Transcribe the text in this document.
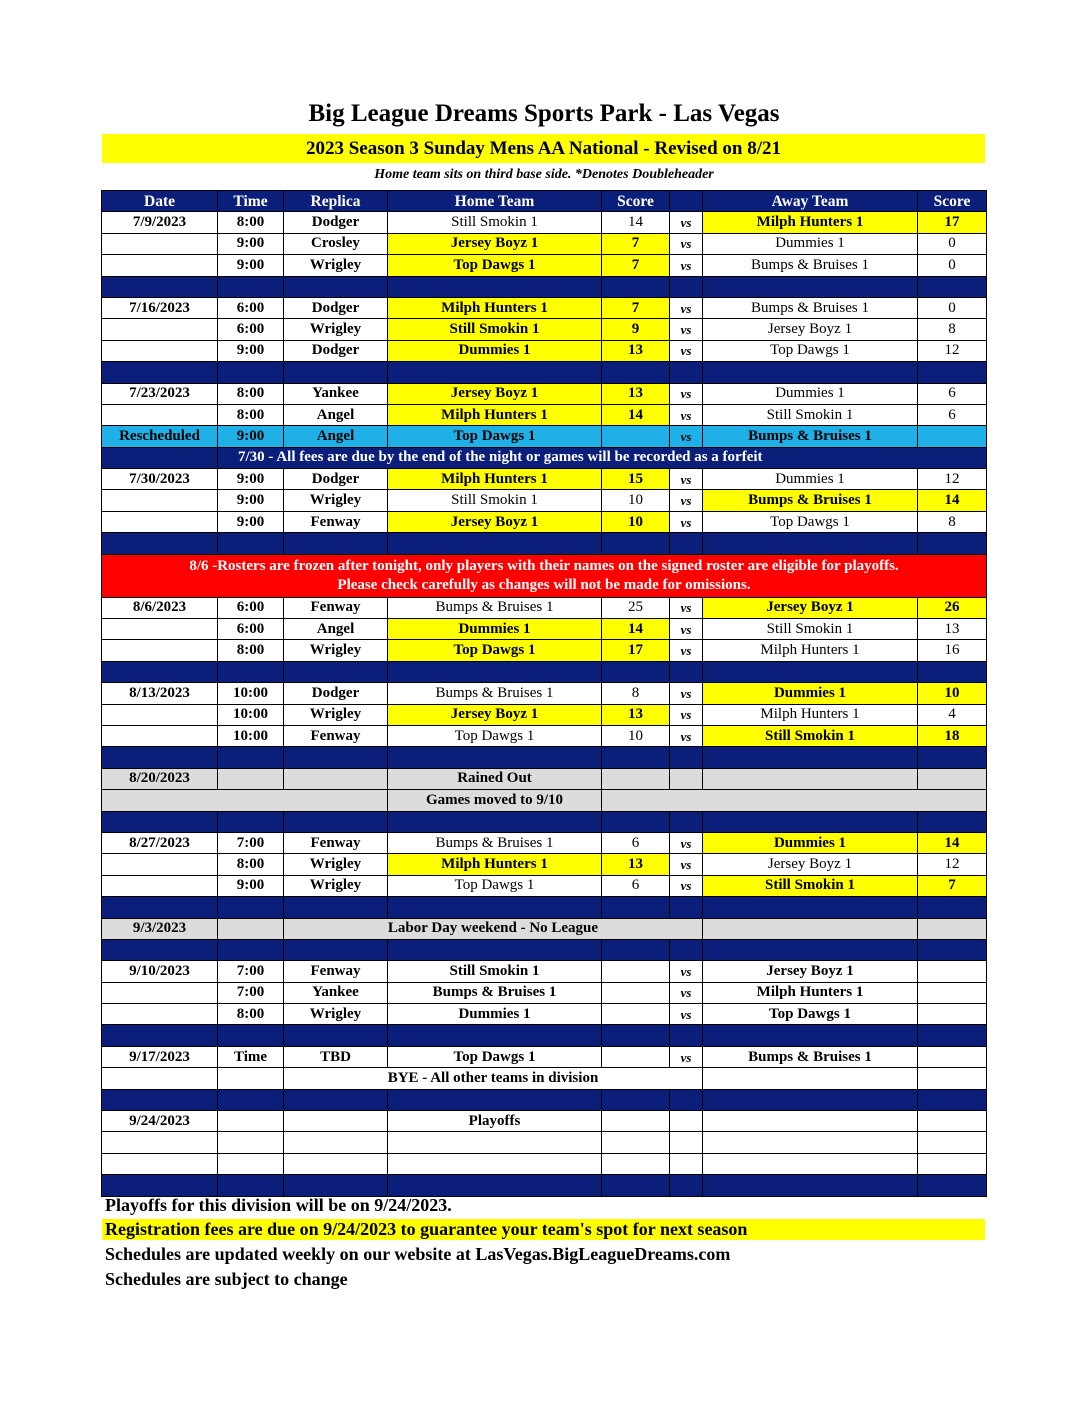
Big League Dreams Sports Park - Las Vegas
2023 Season 3 Sunday Mens AA National - Revised on 8/21
Home team sits on third base side. *Denotes Doubleheader
Date	Time	Replica	Home Team	Score		Away Team	Score
7/9/2023	8:00	Dodger	Still Smokin 1	14	vs	Milph Hunters 1	17
	9:00	Crosley	Jersey Boyz 1	7	vs	Dummies 1	0
	9:00	Wrigley	Top Dawgs 1	7	vs	Bumps & Bruises 1	0

7/16/2023	6:00	Dodger	Milph Hunters 1	7	vs	Bumps & Bruises 1	0
	6:00	Wrigley	Still Smokin 1	9	vs	Jersey Boyz 1	8
	9:00	Dodger	Dummies 1	13	vs	Top Dawgs 1	12

7/23/2023	8:00	Yankee	Jersey Boyz 1	13	vs	Dummies 1	6
	8:00	Angel	Milph Hunters 1	14	vs	Still Smokin 1	6
Rescheduled	9:00	Angel	Top Dawgs 1		vs	Bumps & Bruises 1	
	7/30 - All fees are due by the end of the night or games will be recorded as a forfeit						
7/30/2023	9:00	Dodger	Milph Hunters 1	15	vs	Dummies 1	12
	9:00	Wrigley	Still Smokin 1	10	vs	Bumps & Bruises 1	14
	9:00	Fenway	Jersey Boyz 1	10	vs	Top Dawgs 1	8

8/6 -Rosters are frozen after tonight, only players with their names on the signed roster are eligible for playoffs.
Please check carefully as changes will not be made for omissions.							

8/6/2023	6:00	Fenway	Bumps & Bruises 1	25	vs	Jersey Boyz 1	26
	6:00	Angel	Dummies 1	14	vs	Still Smokin 1	13
	8:00	Wrigley	Top Dawgs 1	17	vs	Milph Hunters 1	16

8/13/2023	10:00	Dodger	Bumps & Bruises 1	8	vs	Dummies 1	10
	10:00	Wrigley	Jersey Boyz 1	13	vs	Milph Hunters 1	4
	10:00	Fenway	Top Dawgs 1	10	vs	Still Smokin 1	18

8/20/2023			Rained Out				
			Games moved to 9/10				

8/27/2023	7:00	Fenway	Bumps & Bruises 1	6	vs	Dummies 1	14
	8:00	Wrigley	Milph Hunters 1	13	vs	Jersey Boyz 1	12
	9:00	Wrigley	Top Dawgs 1	6	vs	Still Smokin 1	7

9/3/2023		Labor Day weekend - No League					

9/10/2023	7:00	Fenway	Still Smokin 1		vs	Jersey Boyz 1	
	7:00	Yankee	Bumps & Bruises 1		vs	Milph Hunters 1	
	8:00	Wrigley	Dummies 1		vs	Top Dawgs 1	

9/17/2023	Time	TBD	Top Dawgs 1		vs	Bumps & Bruises 1	
		BYE - All other teams in division					

9/24/2023			Playoffs				

Playoffs for this division will be on 9/24/2023.
Registration fees are due on 9/24/2023 to guarantee your team's spot for next season
Schedules are updated weekly on our website at LasVegas.BigLeagueDreams.com
Schedules are subject to change
